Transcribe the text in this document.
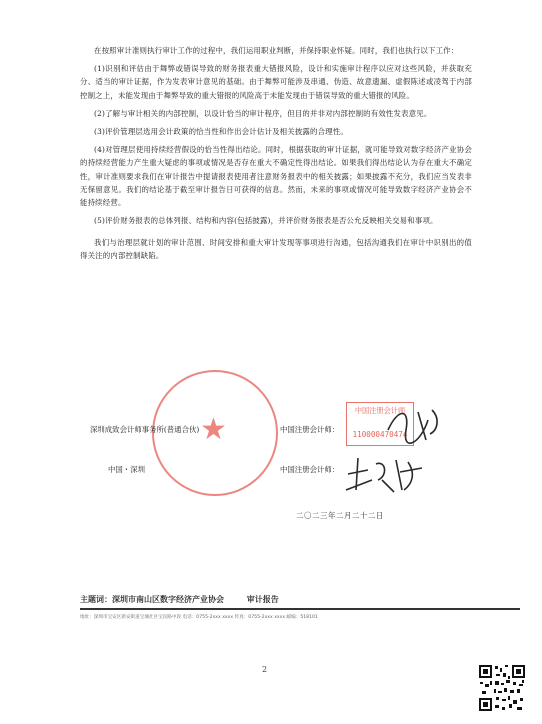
在按照审计准则执行审计工作的过程中，我们运用职业判断，并保持职业怀疑。同时，我们也执行以下工作：

(1)识别和评估由于舞弊或错误导致的财务报表重大错报风险，设计和实施审计程序以应对这些风险，并获取充分、适当的审计证据，作为发表审计意见的基础。由于舞弊可能涉及串通、伪造、故意遗漏、虚假陈述或凌驾于内部控制之上，未能发现由于舞弊导致的重大错报的风险高于未能发现由于错误导致的重大错报的风险。

(2)了解与审计相关的内部控制，以设计恰当的审计程序，但目的并非对内部控制的有效性发表意见。

(3)评价管理层选用会计政策的恰当性和作出会计估计及相关披露的合理性。

(4)对管理层使用持续经营假设的恰当性得出结论。同时，根据获取的审计证据，就可能导致对数字经济产业协会的持续经营能力产生重大疑虑的事项或情况是否存在重大不确定性得出结论。如果我们得出结论认为存在重大不确定性，审计准则要求我们在审计报告中提请报表使用者注意财务报表中的相关披露；如果披露不充分，我们应当发表非无保留意见。我们的结论基于截至审计报告日可获得的信息。然而，未来的事项或情况可能导致数字经济产业协会不能持续经营。

(5)评价财务报表的总体列报、结构和内容(包括披露)，并评价财务报表是否公允反映相关交易和事项。

我们与治理层就计划的审计范围、时间安排和重大审计发现等事项进行沟通，包括沟通我们在审计中识别出的值得关注的内部控制缺陷。

★
深圳成致会计师事务所(普通合伙)	中国注册会计师：
中国注册会计师
110000470474
中国・深圳	中国注册会计师：
二〇二三年二月二十二日
主题词：深圳市南山区数字经济产业协会	审计报告
地址：深圳市宝安区新安街道宝城社区宝民路中段 电话：0755-2xxx xxxx 传真：0755-2xxx xxxx 邮编：518101
2
